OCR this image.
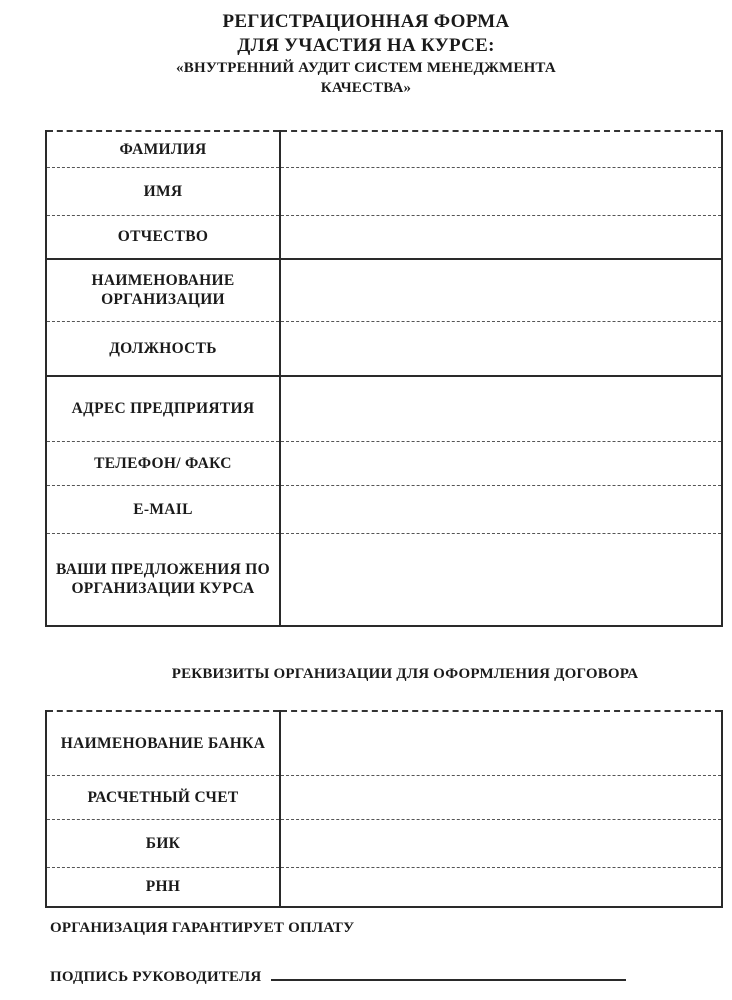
РЕГИСТРАЦИОННАЯ ФОРМА
ДЛЯ УЧАСТИЯ НА КУРСЕ:
«ВНУТРЕННИЙ АУДИТ СИСТЕМ МЕНЕДЖМЕНТА
КАЧЕСТВА»
ФАМИЛИЯ	
ИМЯ	
ОТЧЕСТВО	
НАИМЕНОВАНИЕ ОРГАНИЗАЦИИ	
ДОЛЖНОСТЬ	
АДРЕС ПРЕДПРИЯТИЯ	
ТЕЛЕФОН/ ФАКС	
E-MAIL	
ВАШИ ПРЕДЛОЖЕНИЯ ПО ОРГАНИЗАЦИИ КУРСА	
РЕКВИЗИТЫ ОРГАНИЗАЦИИ ДЛЯ ОФОРМЛЕНИЯ ДОГОВОРА
НАИМЕНОВАНИЕ БАНКА	
РАСЧЕТНЫЙ СЧЕТ	
БИК	
РНН	
ОРГАНИЗАЦИЯ ГАРАНТИРУЕТ ОПЛАТУ
ПОДПИСЬ РУКОВОДИТЕЛЯ
